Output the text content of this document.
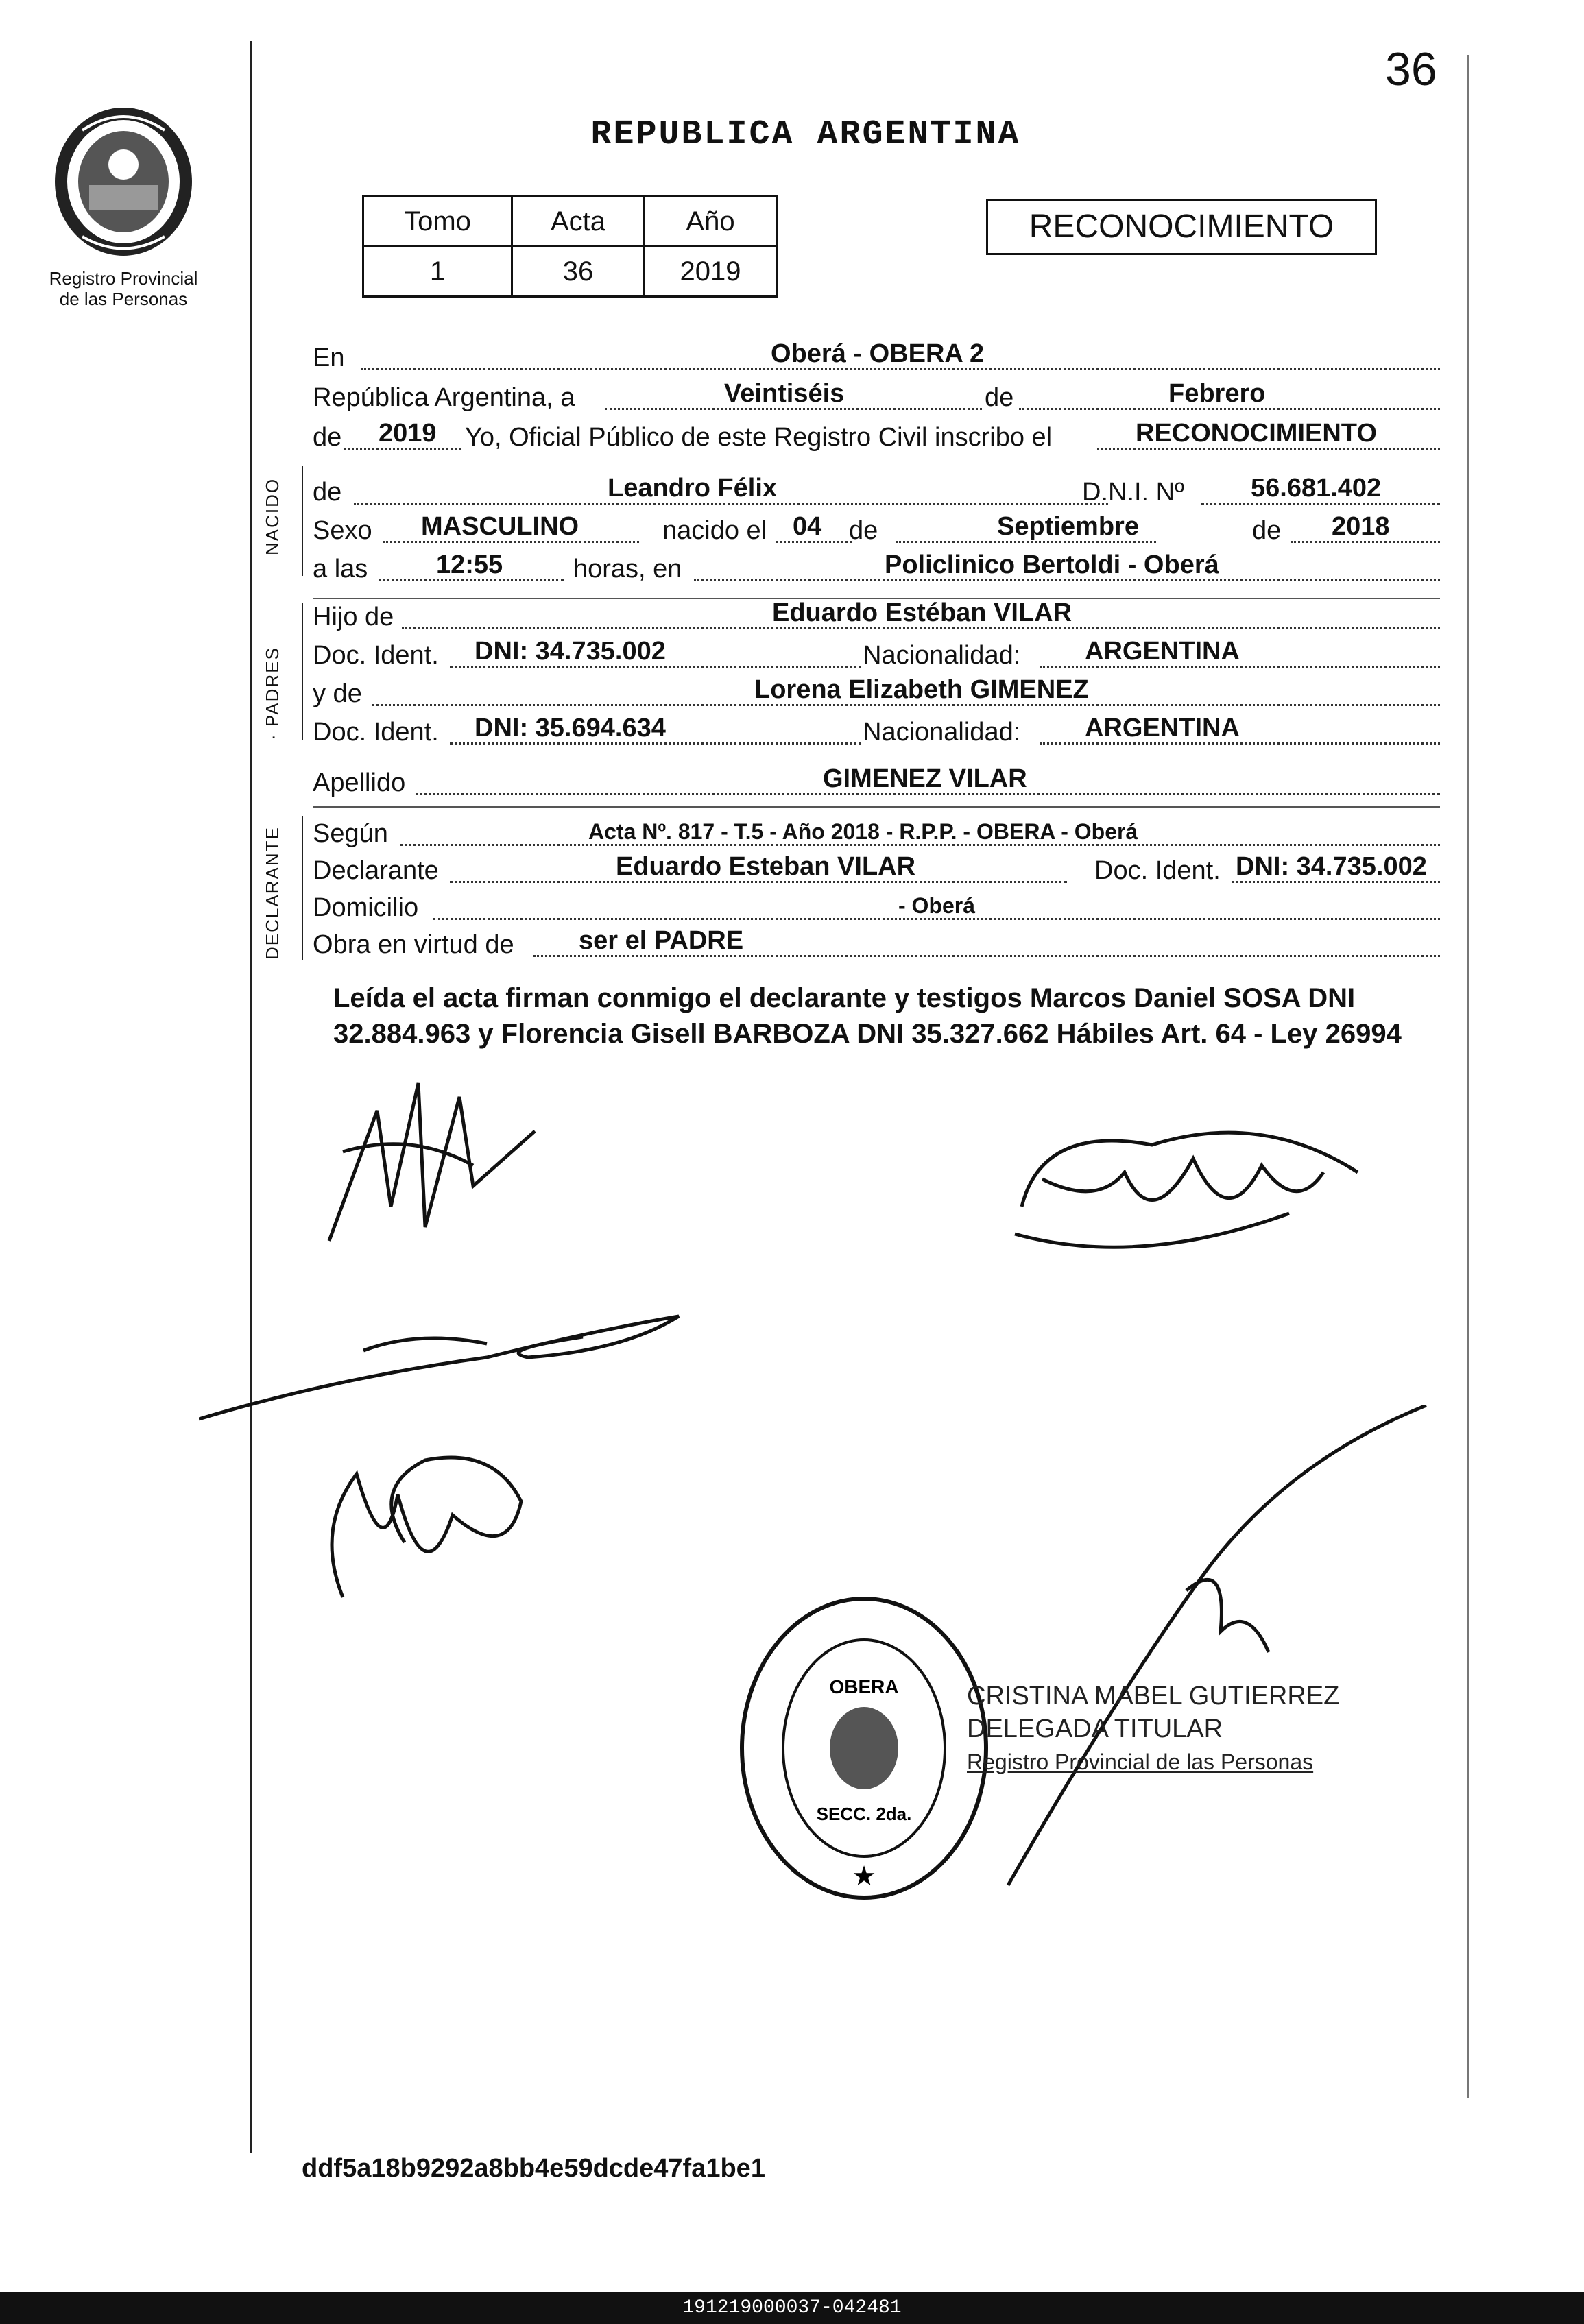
36
Registro Provincial
de las Personas
REPUBLICA ARGENTINA
Tomo	Acta	Año
1	36	2019
RECONOCIMIENTO
En	Oberá - OBERA 2
República Argentina, a	Veintiséis	de	Febrero
de 2019 Yo, Oficial Público de este Registro Civil inscribo el	RECONOCIMIENTO
NACIDO de	Leandro Félix	D.N.I. Nº	56.681.402
Sexo MASCULINO	nacido el 04 de	Septiembre	de 2018
a las	12:55	horas, en	Policlinico Bertoldi - Oberá
· PADRES
Hijo de	Eduardo Estéban VILAR
Doc. Ident. DNI: 34.735.002	Nacionalidad: ARGENTINA
y de	Lorena Elizabeth GIMENEZ
Doc. Ident. DNI: 35.694.634	Nacionalidad: ARGENTINA
Apellido	GIMENEZ VILAR
DECLARANTE Según	Acta Nº. 817 - T.5 - Año 2018 - R.P.P. - OBERA - Oberá
Declarante	Eduardo Esteban VILAR	Doc. Ident. DNI: 34.735.002
Domicilio	- Oberá
Obra en virtud de ser el PADRE
Leída el acta firman conmigo el declarante y testigos Marcos Daniel SOSA DNI 32.884.963 y Florencia Gisell BARBOZA DNI 35.327.662 Hábiles Art. 64 - Ley 26994
OBERA
SECC. 2da.
★
CRISTINA MABEL GUTIERREZ
DELEGADA TITULAR
Registro Provincial de las Personas
ddf5a18b9292a8bb4e59dcde47fa1be1
191219000037-042481
